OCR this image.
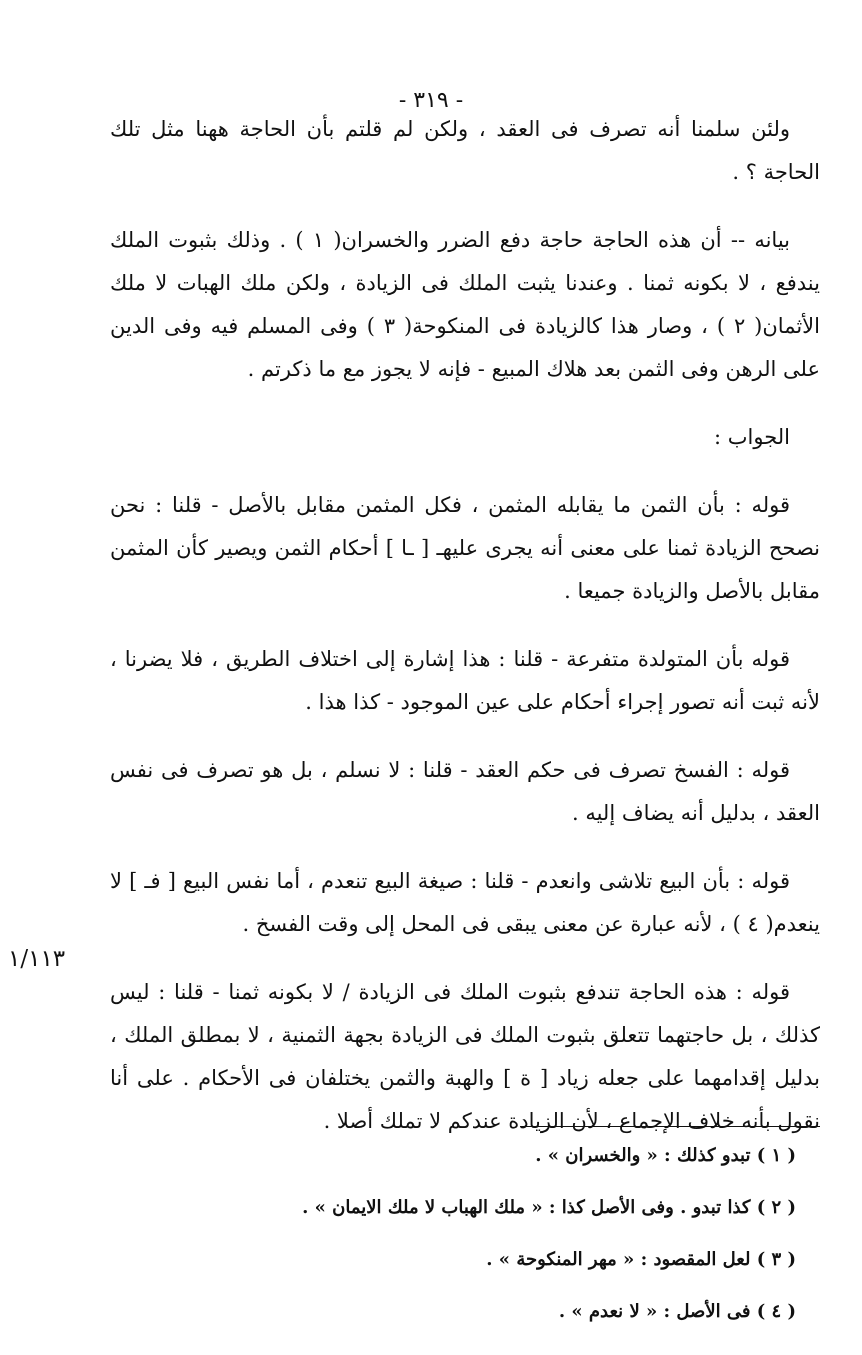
- ٣١٩ -

ولئن سلمنا أنه تصرف فى العقد ، ولكن لم قلتم بأن الحاجة ههنا مثل تلك الحاجة ؟ .

بيانه -- أن هذه الحاجة حاجة دفع الضرر والخسران( ١ ) . وذلك بثبوت الملك يندفع ، لا بكونه ثمنا . وعندنا يثبت الملك فى الزيادة ، ولكن ملك الهبات لا ملك الأثمان( ٢ ) ، وصار هذا كالزيادة فى المنكوحة( ٣ ) وفى المسلم فيه وفى الدين على الرهن وفى الثمن بعد هلاك المبيع - فإنه لا يجوز مع ما ذكرتم .

الجواب :

قوله : بأن الثمن ما يقابله المثمن ، فكل المثمن مقابل بالأصل - قلنا : نحن نصحح الزيادة ثمنا على معنى أنه يجرى عليهـ [ ـا ] أحكام الثمن ويصير كأن المثمن مقابل بالأصل والزيادة جميعا .

قوله بأن المتولدة متفرعة - قلنا : هذا إشارة إلى اختلاف الطريق ، فلا يضرنا ، لأنه ثبت أنه تصور إجراء أحكام على عين الموجود - كذا هذا .

قوله : الفسخ تصرف فى حكم العقد - قلنا : لا نسلم ، بل هو تصرف فى نفس العقد ، بدليل أنه يضاف إليه .

قوله : بأن البيع تلاشى وانعدم - قلنا : صيغة البيع تنعدم ، أما نفس البيع [ فـ ] لا ينعدم( ٤ ) ، لأنه عبارة عن معنى يبقى فى المحل إلى وقت الفسخ .

قوله : هذه الحاجة تندفع بثبوت الملك فى الزيادة / لا بكونه ثمنا - قلنا : ليس كذلك ، بل حاجتهما تتعلق بثبوت الملك فى الزيادة بجهة الثمنية ، لا بمطلق الملك ، بدليل إقدامهما على جعله زياد [ ة ] والهبة والثمن يختلفان فى الأحكام . على أنا نقول بأنه خلاف الإجماع ، لأن الزيادة عندكم لا تملك أصلا .

١/١١٣

( ١ ) تبدو كذلك : « والخسران » .

( ٢ ) كذا تبدو . وفى الأصل كذا : « ملك الهباب لا ملك الايمان » .

( ٣ ) لعل المقصود : « مهر المنكوحة » .

( ٤ ) فى الأصل : « لا نعدم » .
